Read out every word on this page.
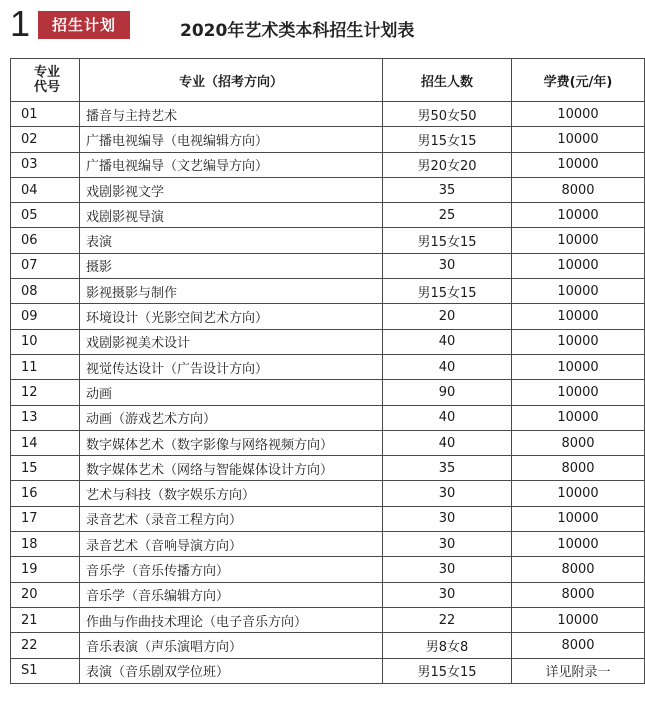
1	招生计划	2020年艺术类本科招生计划表
专业
代号	专业（招考方向）	招生人数	学费(元/年)
01	播音与主持艺术	男50女50	10000
02	广播电视编导（电视编辑方向）	男15女15	10000
03	广播电视编导（文艺编导方向）	男20女20	10000
04	戏剧影视文学	35	8000
05	戏剧影视导演	25	10000
06	表演	男15女15	10000
07	摄影	30	10000
08	影视摄影与制作	男15女15	10000
09	环境设计（光影空间艺术方向）	20	10000
10	戏剧影视美术设计	40	10000
11	视觉传达设计（广告设计方向）	40	10000
12	动画	90	10000
13	动画（游戏艺术方向）	40	10000
14	数字媒体艺术（数字影像与网络视频方向）	40	8000
15	数字媒体艺术（网络与智能媒体设计方向）	35	8000
16	艺术与科技（数字娱乐方向）	30	10000
17	录音艺术（录音工程方向）	30	10000
18	录音艺术（音响导演方向）	30	10000
19	音乐学（音乐传播方向）	30	8000
20	音乐学（音乐编辑方向）	30	8000
21	作曲与作曲技术理论（电子音乐方向）	22	10000
22	音乐表演（声乐演唱方向）	男8女8	8000
S1	表演（音乐剧双学位班）	男15女15	详见附录一
